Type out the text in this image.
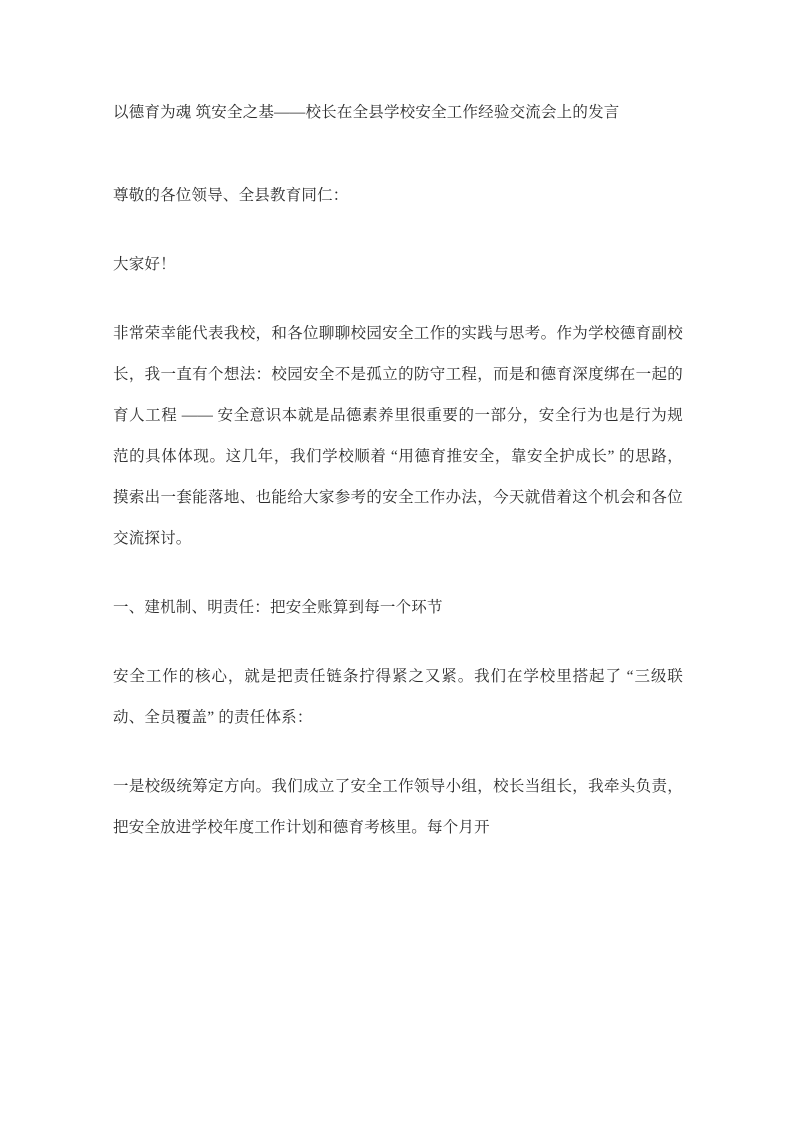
以德育为魂 筑安全之基——校长在全县学校安全工作经验交流会上的发言

尊敬的各位领导、全县教育同仁：

大家好！

非常荣幸能代表我校，和各位聊聊校园安全工作的实践与思考。作为学校德育副校长，我一直有个想法：校园安全不是孤立的防守工程，而是和德育深度绑在一起的育人工程 —— 安全意识本就是品德素养里很重要的一部分，安全行为也是行为规范的具体体现。这几年，我们学校顺着 “用德育推安全，靠安全护成长” 的思路，摸索出一套能落地、也能给大家参考的安全工作办法，今天就借着这个机会和各位交流探讨。

一、建机制、明责任：把安全账算到每一个环节

安全工作的核心，就是把责任链条拧得紧之又紧。我们在学校里搭起了 “三级联动、全员覆盖” 的责任体系：

一是校级统筹定方向。我们成立了安全工作领导小组，校长当组长，我牵头负责，把安全放进学校年度工作计划和德育考核里。每个月开
